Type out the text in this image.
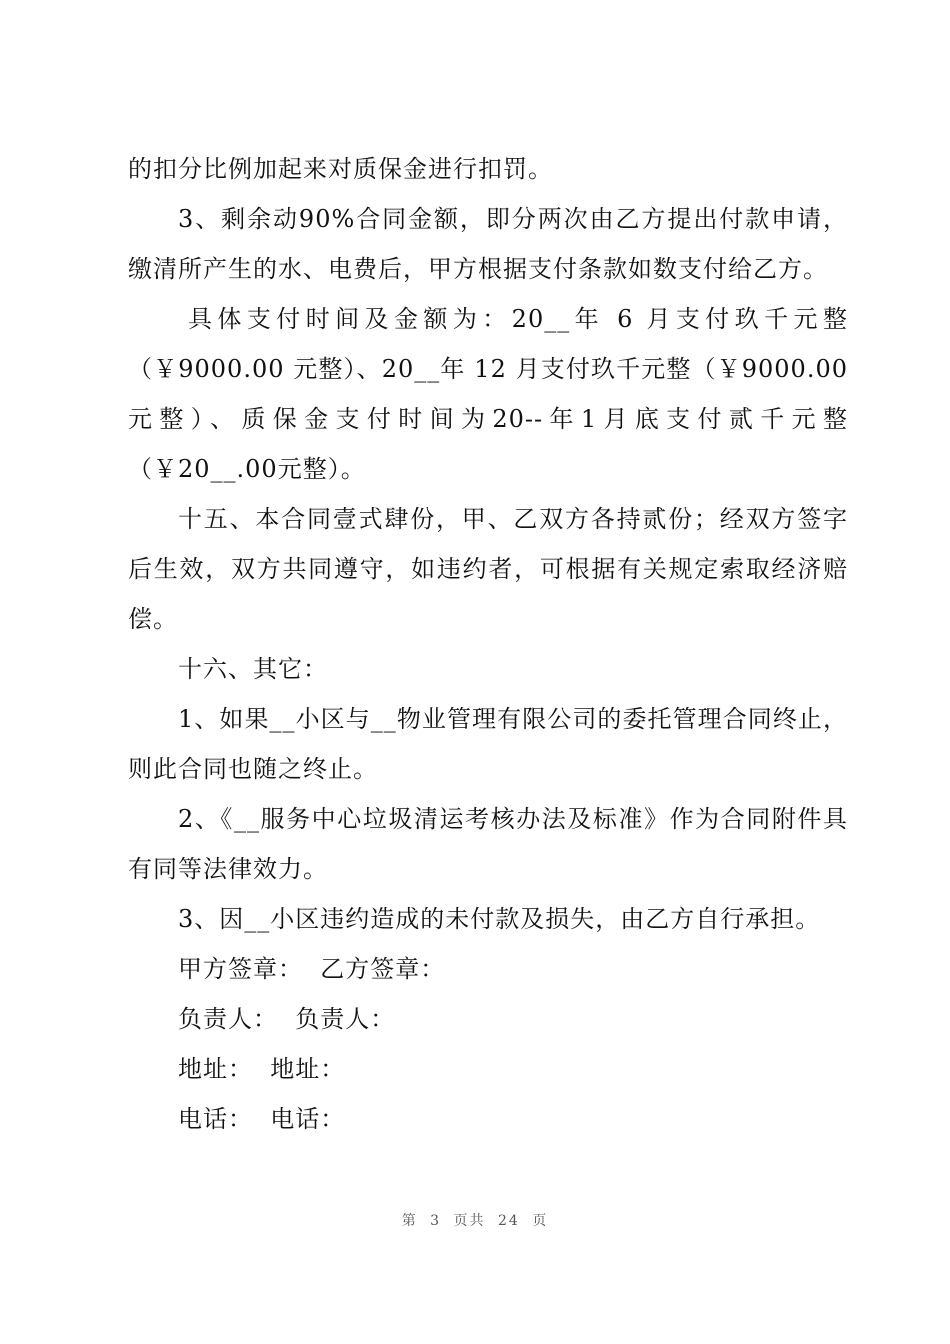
的扣分比例加起来对质保金进行扣罚。

3、剩余动90%合同金额，即分两次由乙方提出付款申请，缴清所产生的水、电费后，甲方根据支付条款如数支付给乙方。

具体支付时间及金额为：20__年 6 月支付玖千元整（￥9000.00 元整）、20__年 12 月支付玖千元整（￥9000.00 元整）、质保金支付时间为20--年1月底支付贰千元整（￥20__.00元整）。

十五、本合同壹式肆份，甲、乙双方各持贰份；经双方签字后生效，双方共同遵守，如违约者，可根据有关规定索取经济赔偿。

十六、其它：

1、如果__小区与__物业管理有限公司的委托管理合同终止，则此合同也随之终止。

2、《__服务中心垃圾清运考核办法及标准》作为合同附件具有同等法律效力。

3、因__小区违约造成的未付款及损失，由乙方自行承担。

甲方签章： 乙方签章：
负责人： 负责人：
地址： 地址：
电话： 电话：
第 3 页共 24 页
